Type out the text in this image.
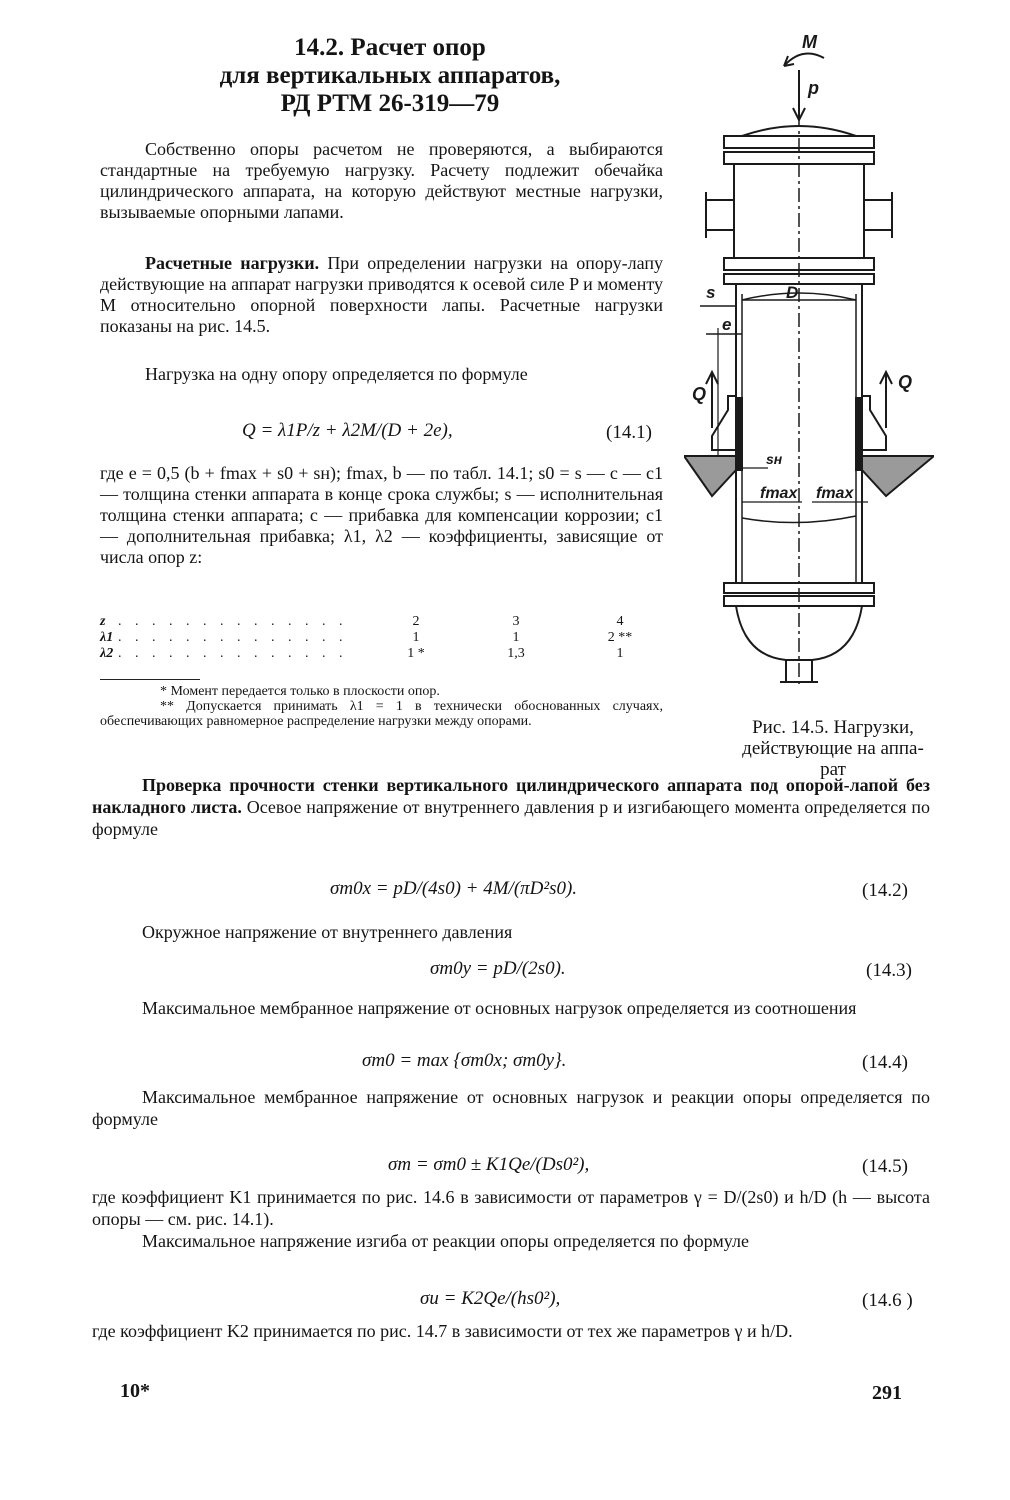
14.2. Расчет опор
для вертикальных аппаратов,
РД РТМ 26-319—79

Собственно опоры расчетом не проверяются, а выбираются стандартные на требуемую нагрузку. Расчету подлежит обечайка цилиндрического аппарата, на которую действуют местные нагрузки, вызываемые опорными лапами.

Расчетные нагрузки. При определении нагрузки на опору-лапу действующие на аппарат нагрузки приводятся к осевой силе P и моменту M относительно опорной поверхности лапы. Расчетные нагрузки показаны на рис. 14.5.

Нагрузка на одну опору определяется по формуле

Q = λ1P/z + λ2M/(D + 2e),	(14.1)

где e = 0,5 (b + fmax + s0 + sн); fmax, b — по табл. 14.1; s0 = s — c — c1 — толщина стенки аппарата в конце срока службы; s — исполнительная толщина стенки аппарата; c — прибавка для компенсации коррозии; c1 — дополнительная прибавка; λ1, λ2 — коэффициенты, зависящие от числа опор z:

z . . . . . . . . . . . . . .	2	3	4
λ1 . . . . . . . . . . . . . .	1	1	2 **
λ2 . . . . . . . . . . . . . .	1 *	1,3	1

* Момент передается только в плоскости опор.

** Допускается принимать λ1 = 1 в технически обоснованных случаях, обеспечивающих равномерное распределение нагрузки между опорами.

M
p
s	D
e
Q
Q
sн
fmax fmax
Рис. 14.5. Нагрузки,
действующие на аппа-
рат

Проверка прочности стенки вертикального цилиндрического аппарата под опорой-лапой без накладного листа. Осевое напряжение от внутреннего давления p и изгибающего момента определяется по формуле

σm0x = pD/(4s0) + 4M/(πD²s0).	(14.2)

Окружное напряжение от внутреннего давления

σm0y = pD/(2s0).	(14.3)

Максимальное мембранное напряжение от основных нагрузок определяется из соотношения

σm0 = max {σm0x; σm0y}.	(14.4)

Максимальное мембранное напряжение от основных нагрузок и реакции опоры определяется по формуле

σm = σm0 ± K1Qe/(Ds0²),	(14.5)

где коэффициент K1 принимается по рис. 14.6 в зависимости от параметров γ = D/(2s0) и h/D (h — высота опоры — см. рис. 14.1).

Максимальное напряжение изгиба от реакции опоры определяется по формуле

σи = K2Qe/(hs0²),	(14.6 )

где коэффициент K2 принимается по рис. 14.7 в зависимости от тех же параметров γ и h/D.

10*	291
